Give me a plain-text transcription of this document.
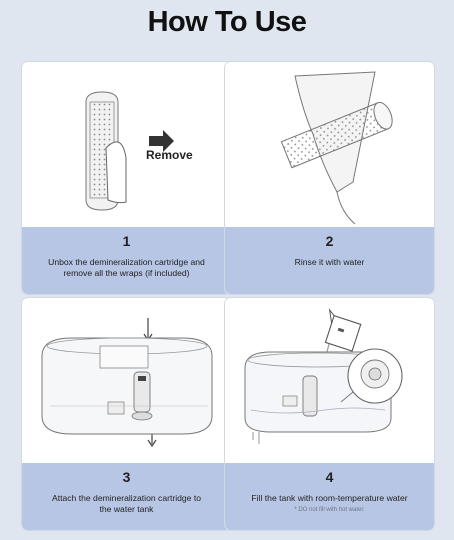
How To Use
Remove
1
Unbox the demineralization cartridge and
remove all the wraps (if included)
2
Rinse it with water
3
Attach the demineralization cartridge to
the water tank
4
Fill the tank with room-temperature water
* DO not fill with hot water.
